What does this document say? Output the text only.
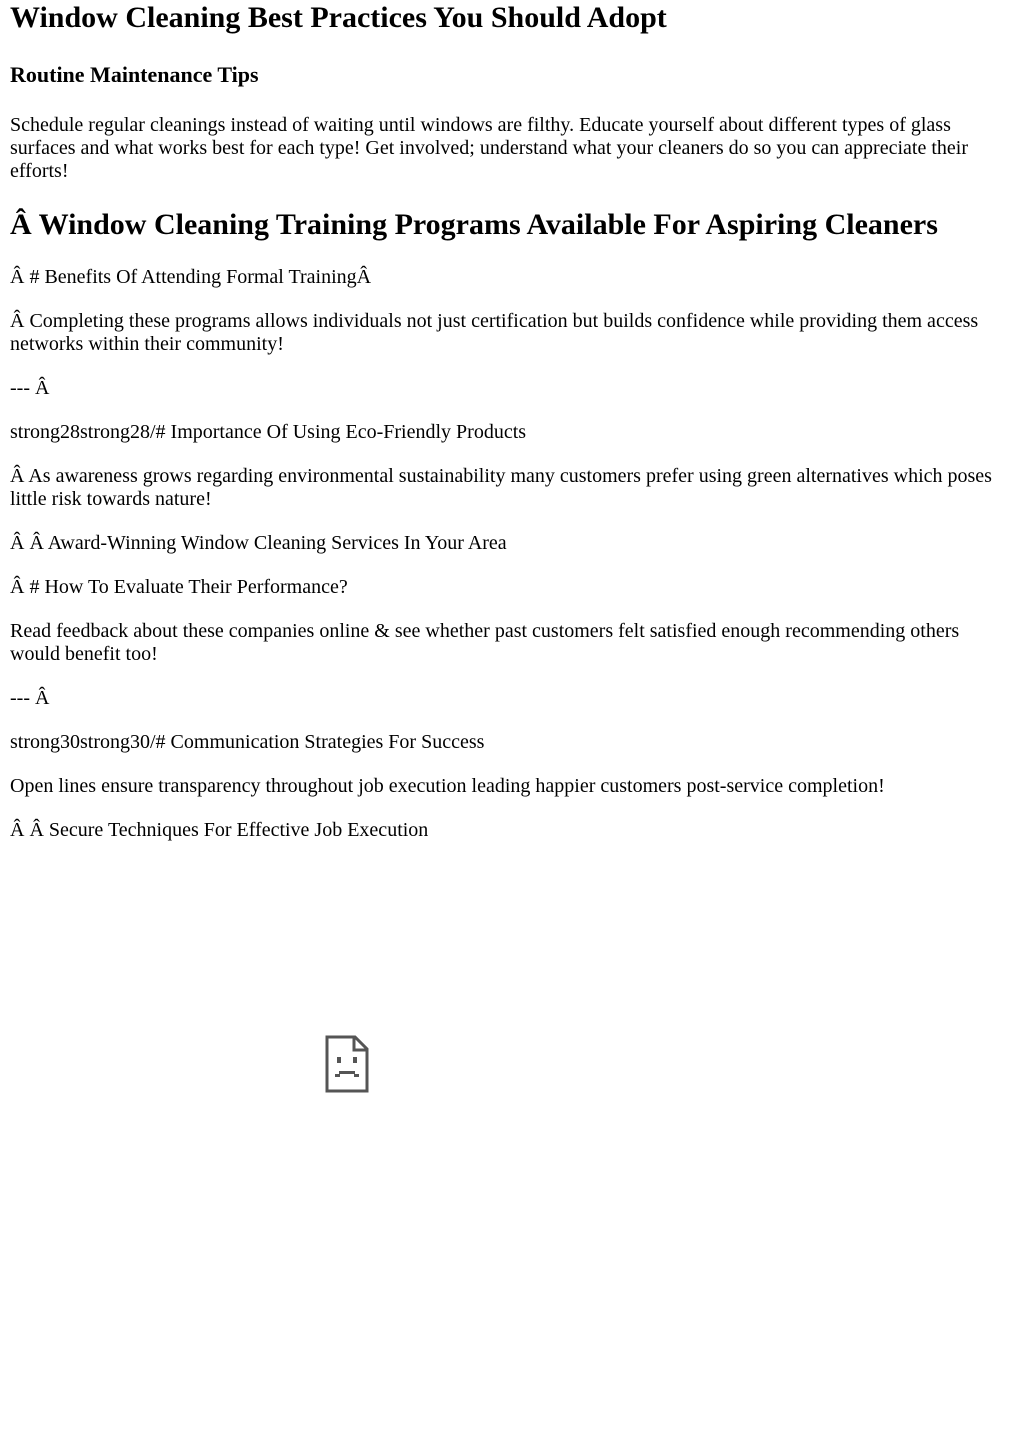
Window Cleaning Best Practices You Should Adopt
Routine Maintenance Tips

Schedule regular cleanings instead of waiting until windows are filthy. Educate yourself about different types of glass surfaces and what works best for each type! Get involved; understand what your cleaners do so you can appreciate their efforts!

Â Window Cleaning Training Programs Available For Aspiring Cleaners

Â # Benefits Of Attending Formal TrainingÂ

Â Completing these programs allows individuals not just certification but builds confidence while providing them access networks within their community!

--- Â

strong28strong28/# Importance Of Using Eco-Friendly Products

Â As awareness grows regarding environmental sustainability many customers prefer using green alternatives which poses little risk towards nature!

Â Â Award-Winning Window Cleaning Services In Your Area

Â # How To Evaluate Their Performance?

Read feedback about these companies online & see whether past customers felt satisfied enough recommending others would benefit too!

--- Â

strong30strong30/# Communication Strategies For Success

Open lines ensure transparency throughout job execution leading happier customers post-service completion!

Â Â Secure Techniques For Effective Job Execution
